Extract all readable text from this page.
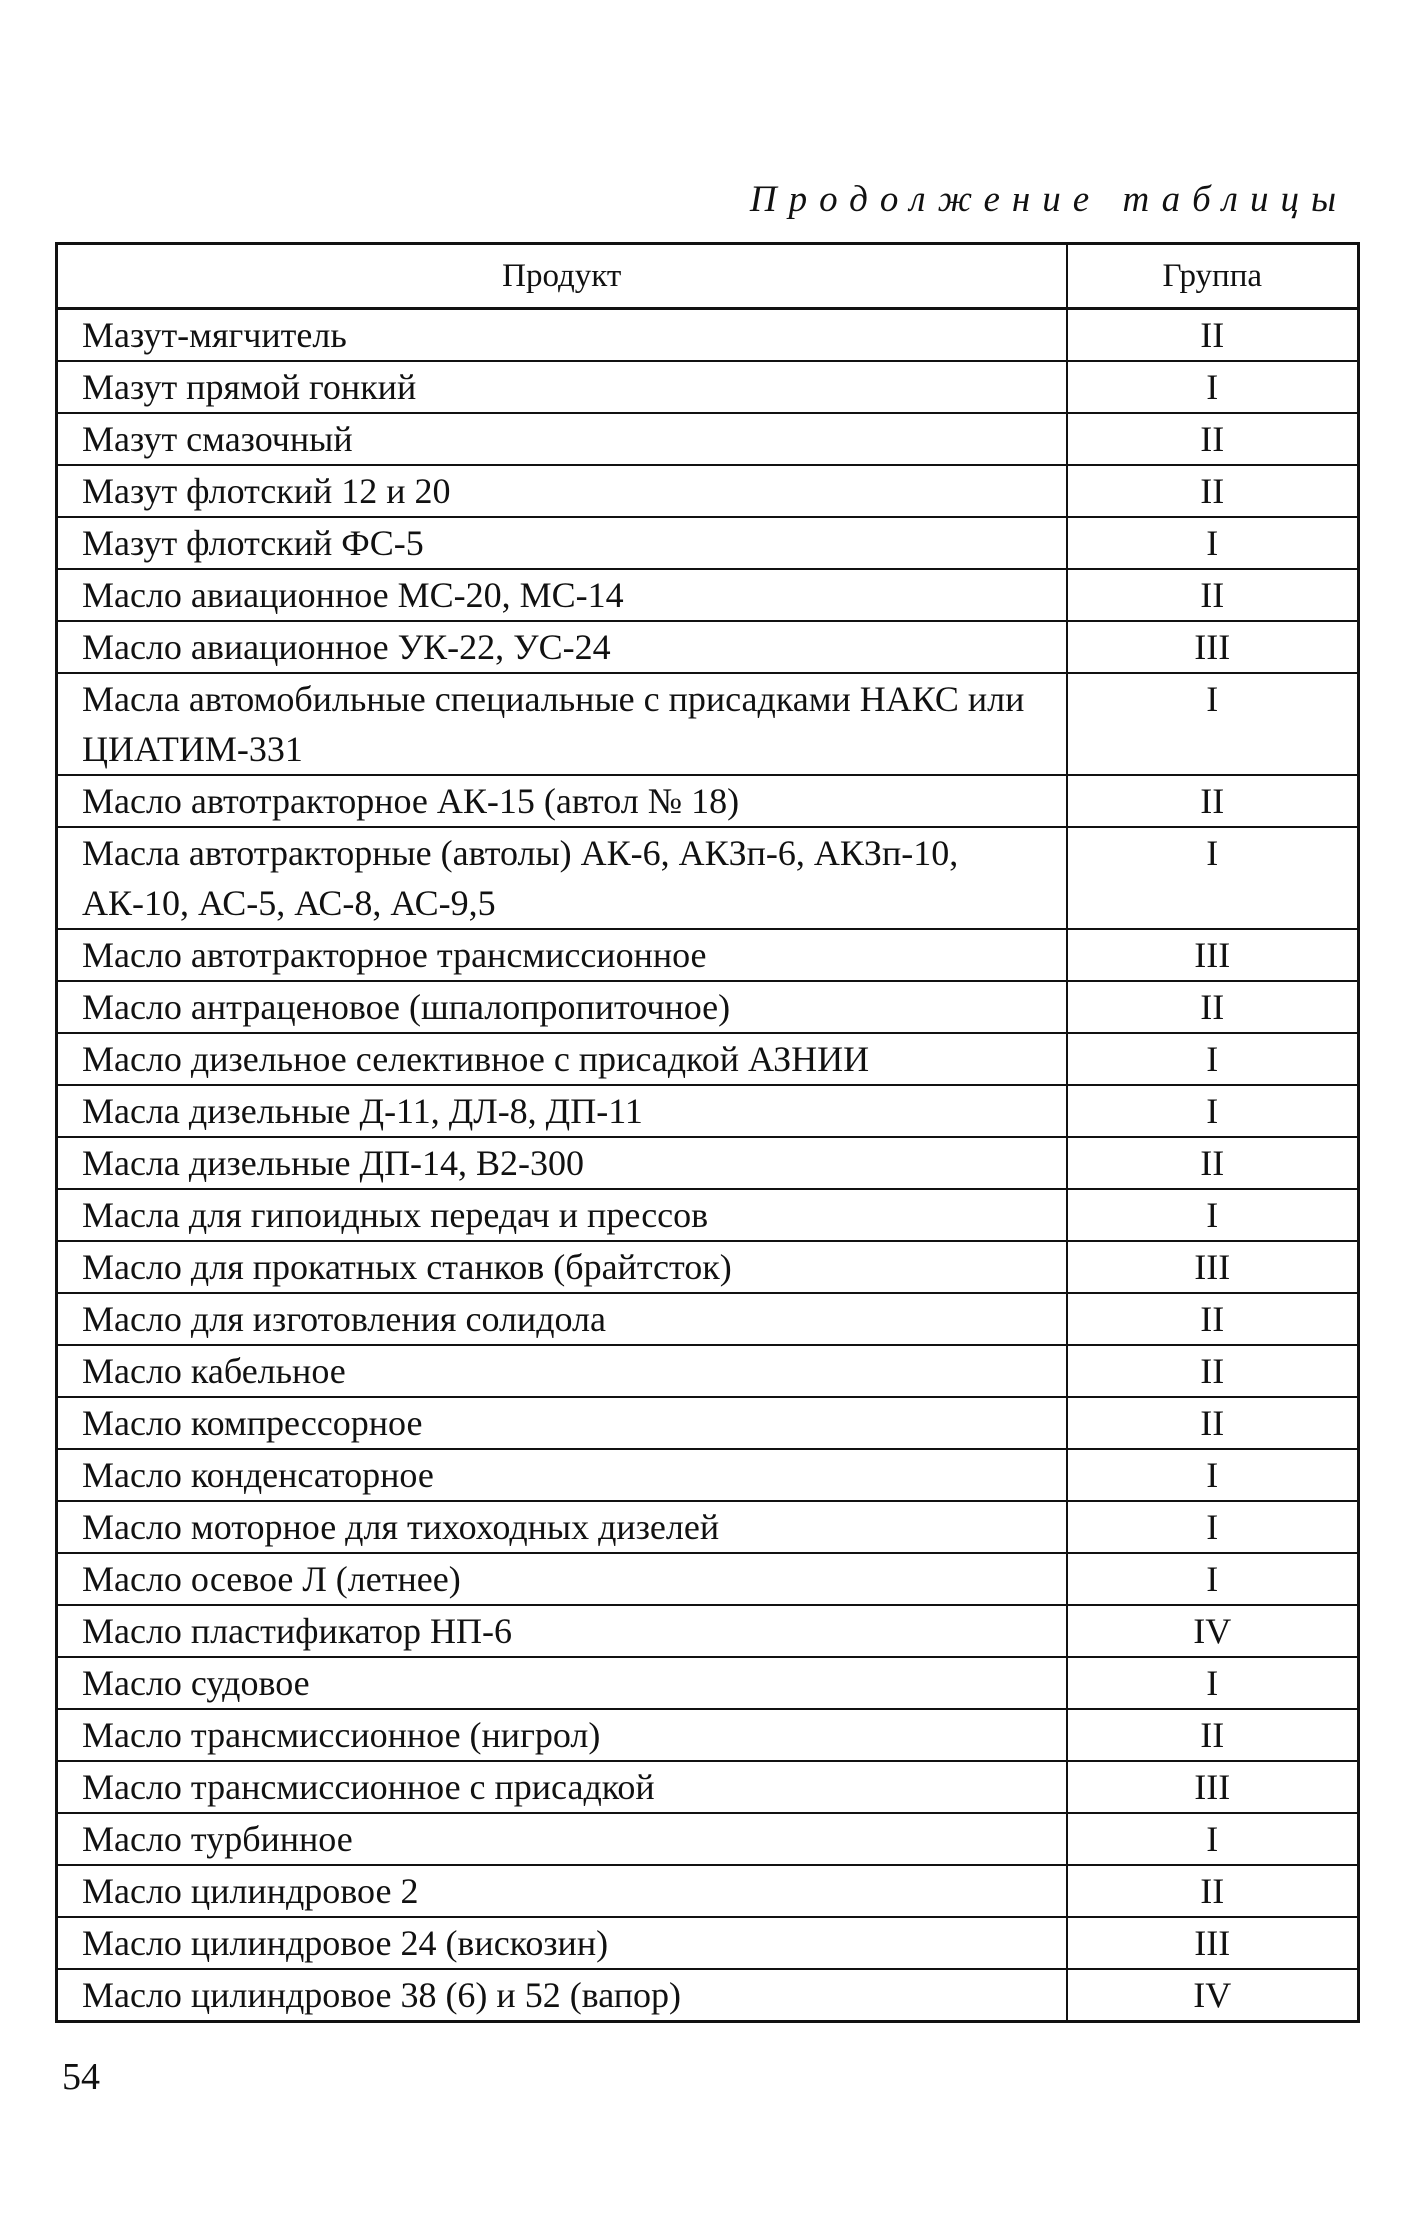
Продолжение таблицы
Продукт	Группа
Мазут-мягчитель	II
Мазут прямой гонкий	I
Мазут смазочный	II
Мазут флотский 12 и 20	II
Мазут флотский ФС-5	I
Масло авиационное МС-20, МС-14	II
Масло авиационное УК-22, УС-24	III
Масла автомобильные специальные с присадками НАКС или ЦИАТИМ-331	I
Масло автотракторное АК-15 (автол № 18)	II
Масла автотракторные (автолы) АК-6, АКЗп-6, АКЗп-10, АК-10, АС-5, АС-8, АС-9,5	I
Масло автотракторное трансмиссионное	III
Масло антраценовое (шпалопропиточное)	II
Масло дизельное селективное с присадкой АЗНИИ	I
Масла дизельные Д-11, ДЛ-8, ДП-11	I
Масла дизельные ДП-14, В2-300	II
Масла для гипоидных передач и прессов	I
Масло для прокатных станков (брайтсток)	III
Масло для изготовления солидола	II
Масло кабельное	II
Масло компрессорное	II
Масло конденсаторное	I
Масло моторное для тихоходных дизелей	I
Масло осевое Л (летнее)	I
Масло пластификатор НП-6	IV
Масло судовое	I
Масло трансмиссионное (нигрол)	II
Масло трансмиссионное с присадкой	III
Масло турбинное	I
Масло цилиндровое 2	II
Масло цилиндровое 24 (вискозин)	III
Масло цилиндровое 38 (6) и 52 (вапор)	IV
54
